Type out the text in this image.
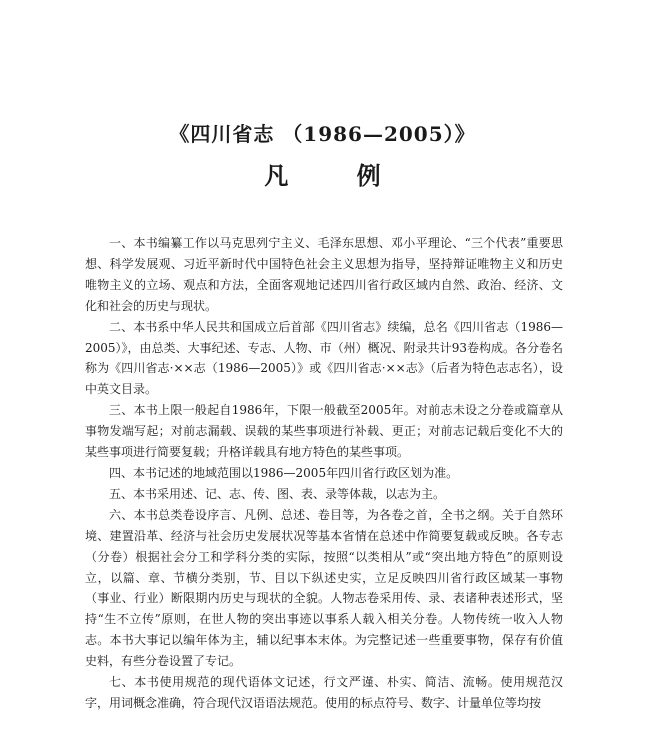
《四川省志 （1986—2005）》
凡 例

一、本书编纂工作以马克思列宁主义、毛泽东思想、邓小平理论、“三个代表”重要思想、科学发展观、习近平新时代中国特色社会主义思想为指导，坚持辩证唯物主义和历史唯物主义的立场、观点和方法，全面客观地记述四川省行政区域内自然、政治、经济、文化和社会的历史与现状。

二、本书系中华人民共和国成立后首部《四川省志》续编，总名《四川省志（1986—2005）》，由总类、大事纪述、专志、人物、市（州）概况、附录共计93卷构成。各分卷名称为《四川省志·××志（1986—2005）》或《四川省志·××志》（后者为特色志志名），设中英文目录。

三、本书上限一般起自1986年，下限一般截至2005年。对前志未设之分卷或篇章从事物发端写起；对前志漏载、误载的某些事项进行补载、更正；对前志记载后变化不大的某些事项进行简要复载；升格详载具有地方特色的某些事项。

四、本书记述的地域范围以1986—2005年四川省行政区划为准。

五、本书采用述、记、志、传、图、表、录等体裁，以志为主。

六、本书总类卷设序言、凡例、总述、卷目等，为各卷之首，全书之纲。关于自然环境、建置沿革、经济与社会历史发展状况等基本省情在总述中作简要复载或反映。各专志（分卷）根据社会分工和学科分类的实际，按照“以类相从”或“突出地方特色”的原则设立，以篇、章、节横分类别，节、目以下纵述史实，立足反映四川省行政区域某一事物（事业、行业）断限期内历史与现状的全貌。人物志卷采用传、录、表诸种表述形式，坚持“生不立传”原则，在世人物的突出事迹以事系人载入相关分卷。人物传统一收入人物志。本书大事记以编年体为主，辅以纪事本末体。为完整记述一些重要事物，保存有价值史料，有些分卷设置了专记。

七、本书使用规范的现代语体文记述，行文严谨、朴实、简洁、流畅。使用规范汉字，用词概念准确，符合现代汉语语法规范。使用的标点符号、数字、计量单位等均按
